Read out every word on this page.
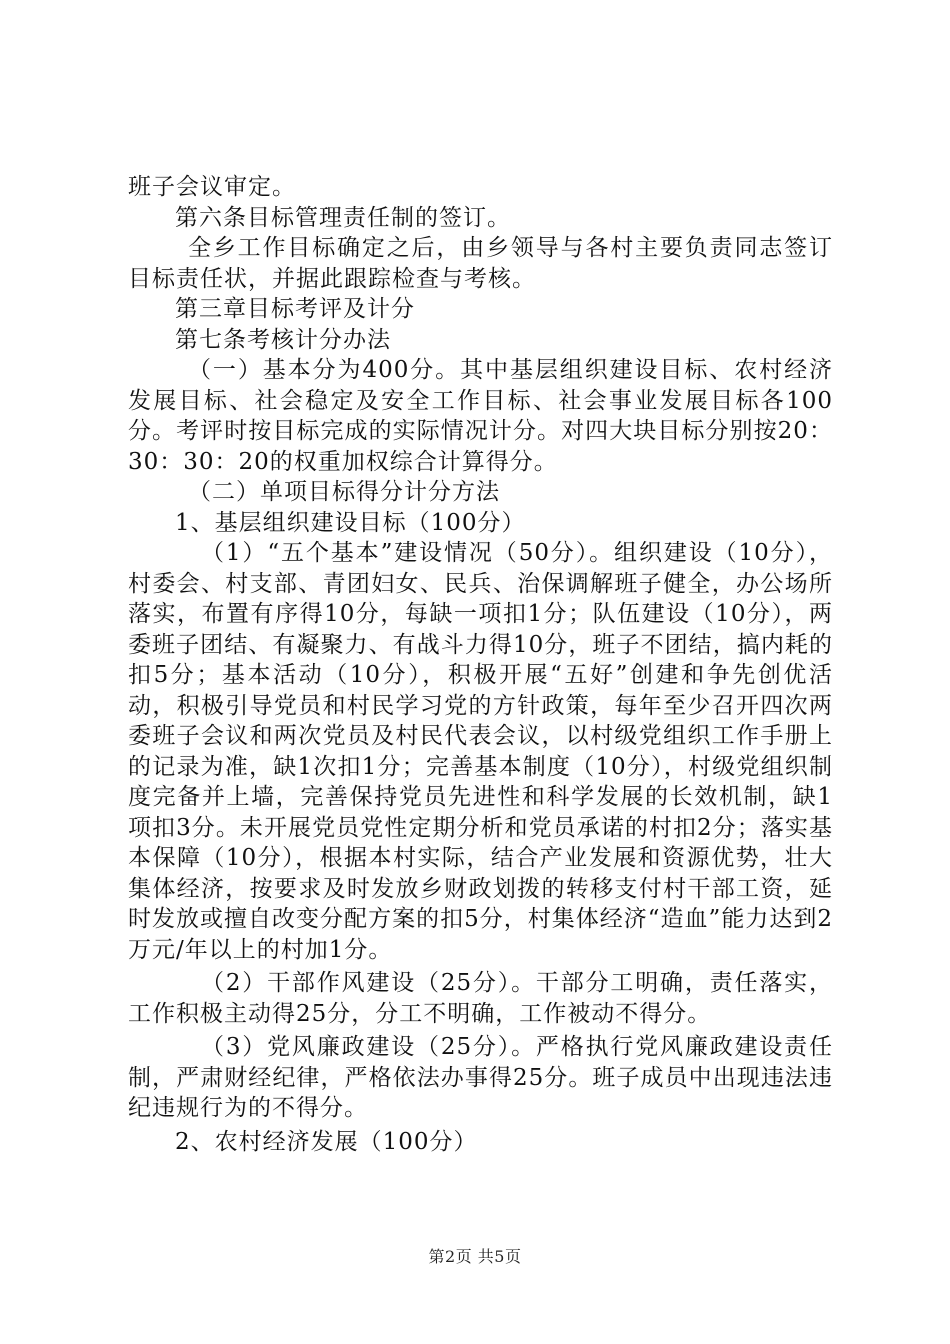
班子会议审定。

第六条目标管理责任制的签订。

全乡工作目标确定之后，由乡领导与各村主要负责同志签订目标责任状，并据此跟踪检查与考核。

第三章目标考评及计分

第七条考核计分办法

（一）基本分为400分。其中基层组织建设目标、农村经济发展目标、社会稳定及安全工作目标、社会事业发展目标各100分。考评时按目标完成的实际情况计分。对四大块目标分别按20：30：30：20的权重加权综合计算得分。

（二）单项目标得分计分方法

1、基层组织建设目标（100分）

（1）“五个基本”建设情况（50分）。组织建设（10分），村委会、村支部、青团妇女、民兵、治保调解班子健全，办公场所落实，布置有序得10分，每缺一项扣1分；队伍建设（10分），两委班子团结、有凝聚力、有战斗力得10分，班子不团结，搞内耗的扣5分；基本活动（10分），积极开展“五好”创建和争先创优活动，积极引导党员和村民学习党的方针政策，每年至少召开四次两委班子会议和两次党员及村民代表会议，以村级党组织工作手册上的记录为准，缺1次扣1分；完善基本制度（10分），村级党组织制度完备并上墙，完善保持党员先进性和科学发展的长效机制，缺1项扣3分。未开展党员党性定期分析和党员承诺的村扣2分；落实基本保障（10分），根据本村实际，结合产业发展和资源优势，壮大集体经济，按要求及时发放乡财政划拨的转移支付村干部工资，延时发放或擅自改变分配方案的扣5分，村集体经济“造血”能力达到2万元/年以上的村加1分。

（2）干部作风建设（25分）。干部分工明确，责任落实，工作积极主动得25分，分工不明确，工作被动不得分。

（3）党风廉政建设（25分）。严格执行党风廉政建设责任制，严肃财经纪律，严格依法办事得25分。班子成员中出现违法违纪违规行为的不得分。

2、农村经济发展（100分）

第2页 共5页
